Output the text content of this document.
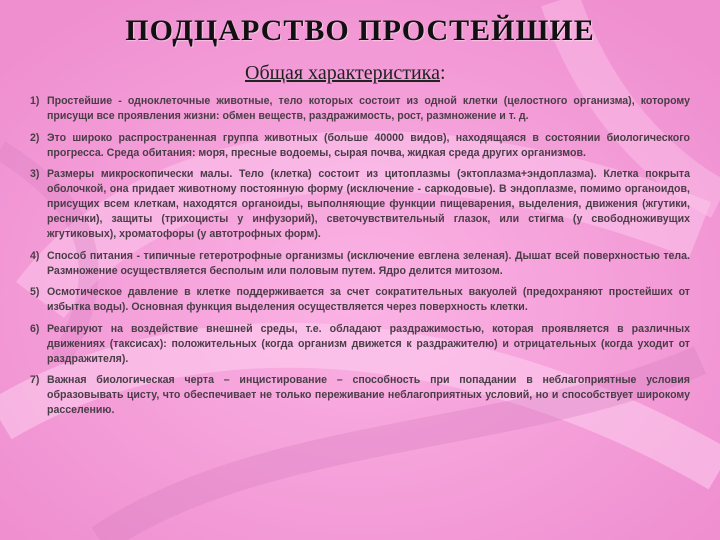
ПОДЦАРСТВО ПРОСТЕЙШИЕ

Общая характеристика:

1) Простейшие - одноклеточные животные, тело которых состоит из одной клетки (целостного организма), которому присущи все проявления жизни: обмен веществ, раздражимость, рост, размножение и т. д.
2) Это широко распространенная группа животных (больше 40000 видов), находящаяся в состоянии биологического прогресса. Среда обитания: моря, пресные водоемы, сырая почва, жидкая среда других организмов.
3) Размеры микроскопически малы. Тело (клетка) состоит из цитоплазмы (эктоплазма+эндоплазма). Клетка покрыта оболочкой, она придает животному постоянную форму (исключение - саркодовые). В эндоплазме, помимо органоидов, присущих всем клеткам, находятся органоиды, выполняющие функции пищеварения, выделения, движения (жгутики, реснички), защиты (трихоцисты у инфузорий), светочувствительный глазок, или стигма (у свободноживущих жгутиковых), хроматофоры (у автотрофных форм).
4) Способ питания - типичные гетеротрофные организмы (исключение евглена зеленая). Дышат всей поверхностью тела. Размножение осуществляется бесполым или половым путем. Ядро делится митозом.
5) Осмотическое давление в клетке поддерживается за счет сократительных вакуолей (предохраняют простейших от избытка воды). Основная функция выделения осуществляется через поверхность клетки.
6) Реагируют на воздействие внешней среды, т.е. обладают раздражимостью, которая проявляется в различных движениях (таксисах): положительных (когда организм движется к раздражителю) и отрицательных (когда уходит от раздражителя).
7) Важная биологическая черта – инцистирование – способность при попадании в неблагоприятные условия образовывать цисту, что обеспечивает не только переживание неблагоприятных условий, но и способствует широкому расселению.
